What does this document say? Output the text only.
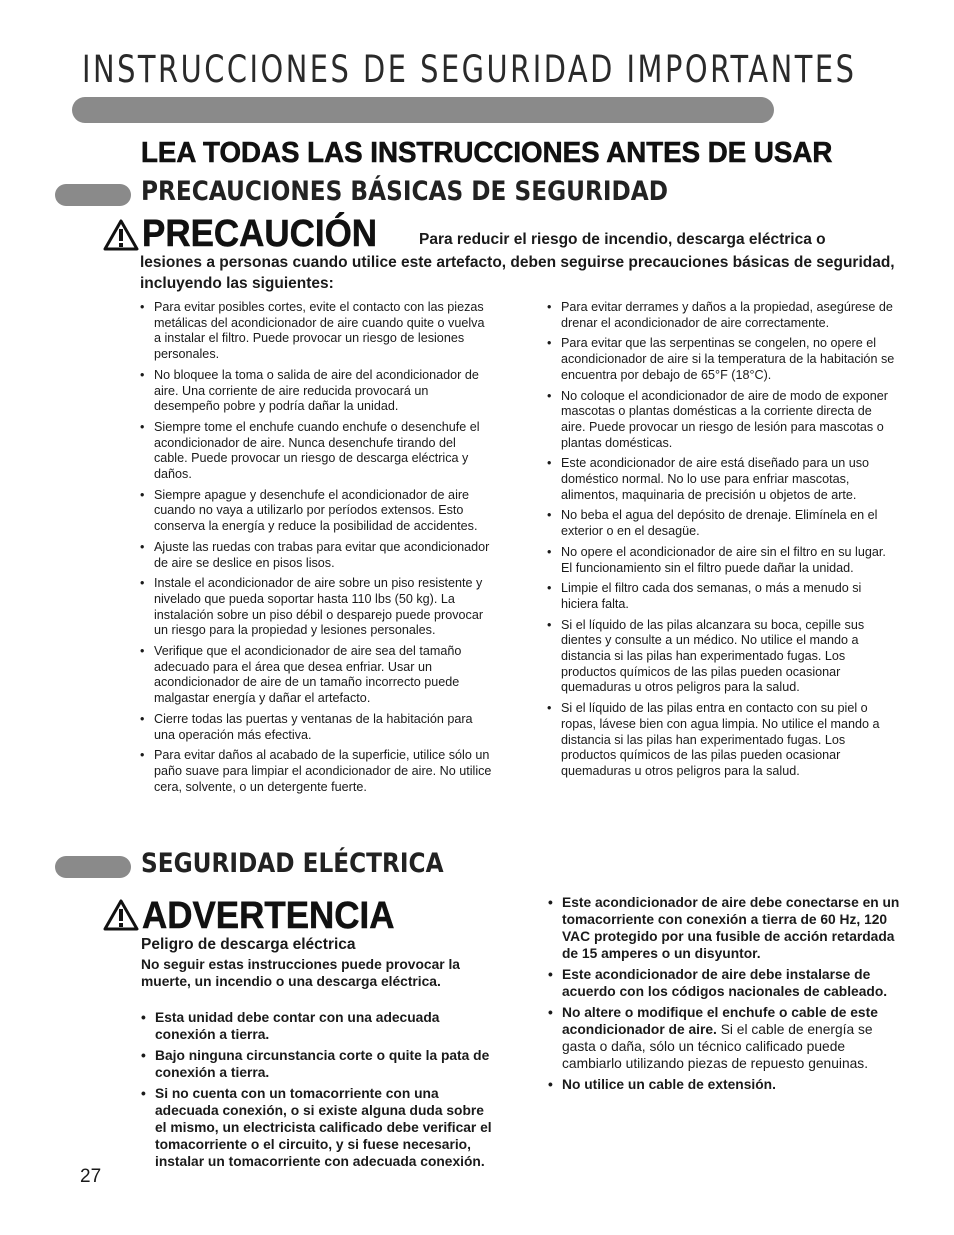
INSTRUCCIONES DE SEGURIDAD IMPORTANTES
LEA TODAS LAS INSTRUCCIONES ANTES DE USAR
PRECAUCIONES BÁSICAS DE SEGURIDAD
PRECAUCIÓN	Para reducir el riesgo de incendio, descarga eléctrica o
lesiones a personas cuando utilice este artefacto, deben seguirse precauciones básicas de seguridad, incluyendo las siguientes:
• Para evitar posibles cortes, evite el contacto con las piezas metálicas del acondicionador de aire cuando quite o vuelva a instalar el filtro. Puede provocar un riesgo de lesiones personales.
• No bloquee la toma o salida de aire del acondicionador de aire. Una corriente de aire reducida provocará un desempeño pobre y podría dañar la unidad.
• Siempre tome el enchufe cuando enchufe o desenchufe el acondicionador de aire. Nunca desenchufe tirando del cable. Puede provocar un riesgo de descarga eléctrica y daños.
• Siempre apague y desenchufe el acondicionador de aire cuando no vaya a utilizarlo por períodos extensos. Esto conserva la energía y reduce la posibilidad de accidentes.
• Ajuste las ruedas con trabas para evitar que acondicionador de aire se deslice en pisos lisos.
• Instale el acondicionador de aire sobre un piso resistente y nivelado que pueda soportar hasta 110 lbs (50 kg). La instalación sobre un piso débil o desparejo puede provocar un riesgo para la propiedad y lesiones personales.
• Verifique que el acondicionador de aire sea del tamaño adecuado para el área que desea enfriar. Usar un acondicionador de aire de un tamaño incorrecto puede malgastar energía y dañar el artefacto.
• Cierre todas las puertas y ventanas de la habitación para una operación más efectiva.
• Para evitar daños al acabado de la superficie, utilice sólo un paño suave para limpiar el acondicionador de aire. No utilice cera, solvente, o un detergente fuerte.
• Para evitar derrames y daños a la propiedad, asegúrese de drenar el acondicionador de aire correctamente.
• Para evitar que las serpentinas se congelen, no opere el acondicionador de aire si la temperatura de la habitación se encuentra por debajo de 65°F (18°C).
• No coloque el acondicionador de aire de modo de exponer mascotas o plantas domésticas a la corriente directa de aire. Puede provocar un riesgo de lesión para mascotas o plantas domésticas.
• Este acondicionador de aire está diseñado para un uso doméstico normal. No lo use para enfriar mascotas, alimentos, maquinaria de precisión u objetos de arte.
• No beba el agua del depósito de drenaje. Elimínela en el exterior o en el desagüe.
• No opere el acondicionador de aire sin el filtro en su lugar. El funcionamiento sin el filtro puede dañar la unidad.
• Limpie el filtro cada dos semanas, o más a menudo si hiciera falta.
• Si el líquido de las pilas alcanzara su boca, cepille sus dientes y consulte a un médico. No utilice el mando a distancia si las pilas han experimentado fugas. Los productos químicos de las pilas pueden ocasionar quemaduras u otros peligros para la salud.
• Si el líquido de las pilas entra en contacto con su piel o ropas, lávese bien con agua limpia. No utilice el mando a distancia si las pilas han experimentado fugas. Los productos químicos de las pilas pueden ocasionar quemaduras u otros peligros para la salud.
SEGURIDAD ELÉCTRICA
ADVERTENCIA
Peligro de descarga eléctrica
No seguir estas instrucciones puede provocar la muerte, un incendio o una descarga eléctrica.
• Esta unidad debe contar con una adecuada conexión a tierra.
• Bajo ninguna circunstancia corte o quite la pata de conexión a tierra.
• Si no cuenta con un tomacorriente con una adecuada conexión, o si existe alguna duda sobre el mismo, un electricista calificado debe verificar el tomacorriente o el circuito, y si fuese necesario, instalar un tomacorriente con adecuada conexión.
• Este acondicionador de aire debe conectarse en un tomacorriente con conexión a tierra de 60 Hz, 120 VAC protegido por una fusible de acción retardada de 15 amperes o un disyuntor.
• Este acondicionador de aire debe instalarse de acuerdo con los códigos nacionales de cableado.
• No altere o modifique el enchufe o cable de este acondicionador de aire. Si el cable de energía se gasta o daña, sólo un técnico calificado puede cambiarlo utilizando piezas de repuesto genuinas.
• No utilice un cable de extensión.
27
